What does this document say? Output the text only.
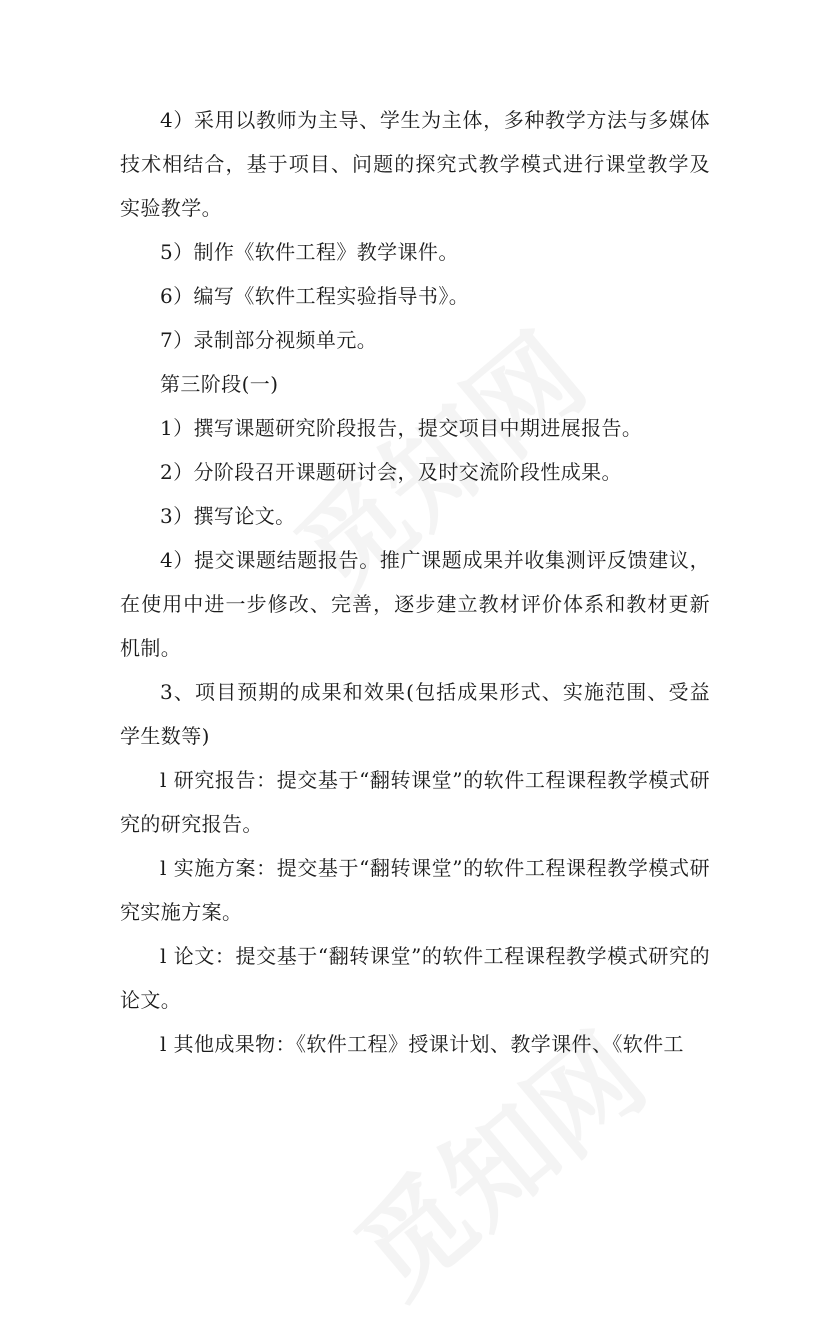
4）采用以教师为主导、学生为主体，多种教学方法与多媒体技术相结合，基于项目、问题的探究式教学模式进行课堂教学及实验教学。

5）制作《软件工程》教学课件。

6）编写《软件工程实验指导书》。

7）录制部分视频单元。

第三阶段(一)

1）撰写课题研究阶段报告，提交项目中期进展报告。

2）分阶段召开课题研讨会，及时交流阶段性成果。

3）撰写论文。

4）提交课题结题报告。推广课题成果并收集测评反馈建议，在使用中进一步修改、完善，逐步建立教材评价体系和教材更新机制。

3、项目预期的成果和效果(包括成果形式、实施范围、受益学生数等)

l 研究报告：提交基于“翻转课堂”的软件工程课程教学模式研究的研究报告。

l 实施方案：提交基于“翻转课堂”的软件工程课程教学模式研究实施方案。

l 论文：提交基于“翻转课堂”的软件工程课程教学模式研究的论文。

l 其他成果物：《软件工程》授课计划、教学课件、《软件工
